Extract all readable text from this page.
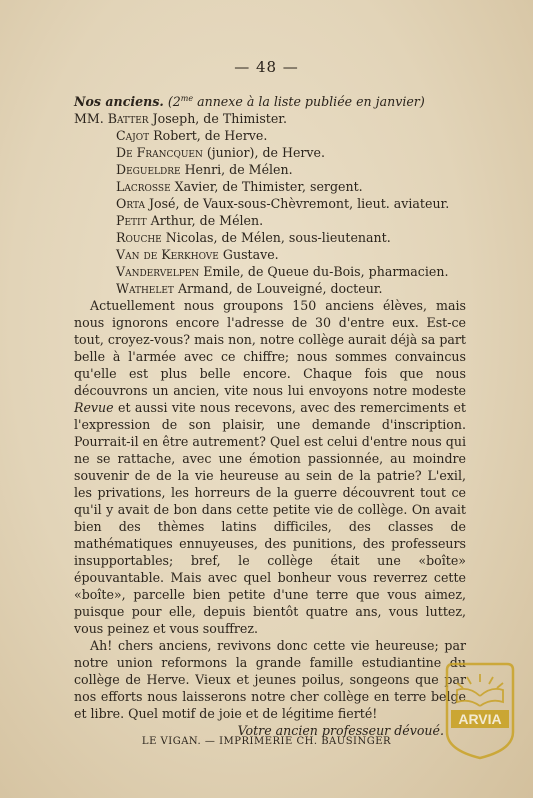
— 48 —

Nos anciens. ($2^{me}$ annexe à la liste publiée en janvier)

MM. Batter Joseph, de Thimister.
Cajot Robert, de Herve.
De Francquen (junior), de Herve.
Degueldre Henri, de Mélen.
Lacrosse Xavier, de Thimister, sergent.
Orta José, de Vaux-sous-Chèvremont, lieut. aviateur.
Petit Arthur, de Mélen.
Rouche Nicolas, de Mélen, sous-lieutenant.
Van de Kerkhove Gustave.
Vandervelpen Emile, de Queue du-Bois, pharmacien.
Wathelet Armand, de Louveigné, docteur.

Actuellement nous groupons 150 anciens élèves, mais nous ignorons encore l'adresse de 30 d'entre eux. Est-ce tout, croyez-vous? mais non, notre collège aurait déjà sa part belle à l'armée avec ce chiffre; nous sommes convaincus qu'elle est plus belle encore. Chaque fois que nous découvrons un ancien, vite nous lui envoyons notre modeste Revue et aussi vite nous recevons, avec des remerciments et l'expression de son plaisir, une demande d'inscription. Pourrait-il en être autrement? Quel est celui d'entre nous qui ne se rattache, avec une émotion passionnée, au moindre souvenir de de la vie heureuse au sein de la patrie? L'exil, les privations, les horreurs de la guerre découvrent tout ce qu'il y avait de bon dans cette petite vie de collège. On avait bien des thèmes latins difficiles, des classes de mathématiques ennuyeuses, des punitions, des professeurs insupportables; bref, le collège était une «boîte» épouvantable. Mais avec quel bonheur vous reverrez cette «boîte», parcelle bien petite d'une terre que vous aimez, puisque pour elle, depuis bientôt quatre ans, vous luttez, vous peinez et vous souffrez.

Ah! chers anciens, revivons donc cette vie heureuse; par notre union reformons la grande famille estudiantine du collège de Herve. Vieux et jeunes poilus, songeons que par nos efforts nous laisserons notre cher collège en terre belge et libre. Quel motif de joie et de légitime fierté!

Votre ancien professeur dévoué.

LE VIGAN. — IMPRIMERIE CH. BAUSINGER
ARVIA
